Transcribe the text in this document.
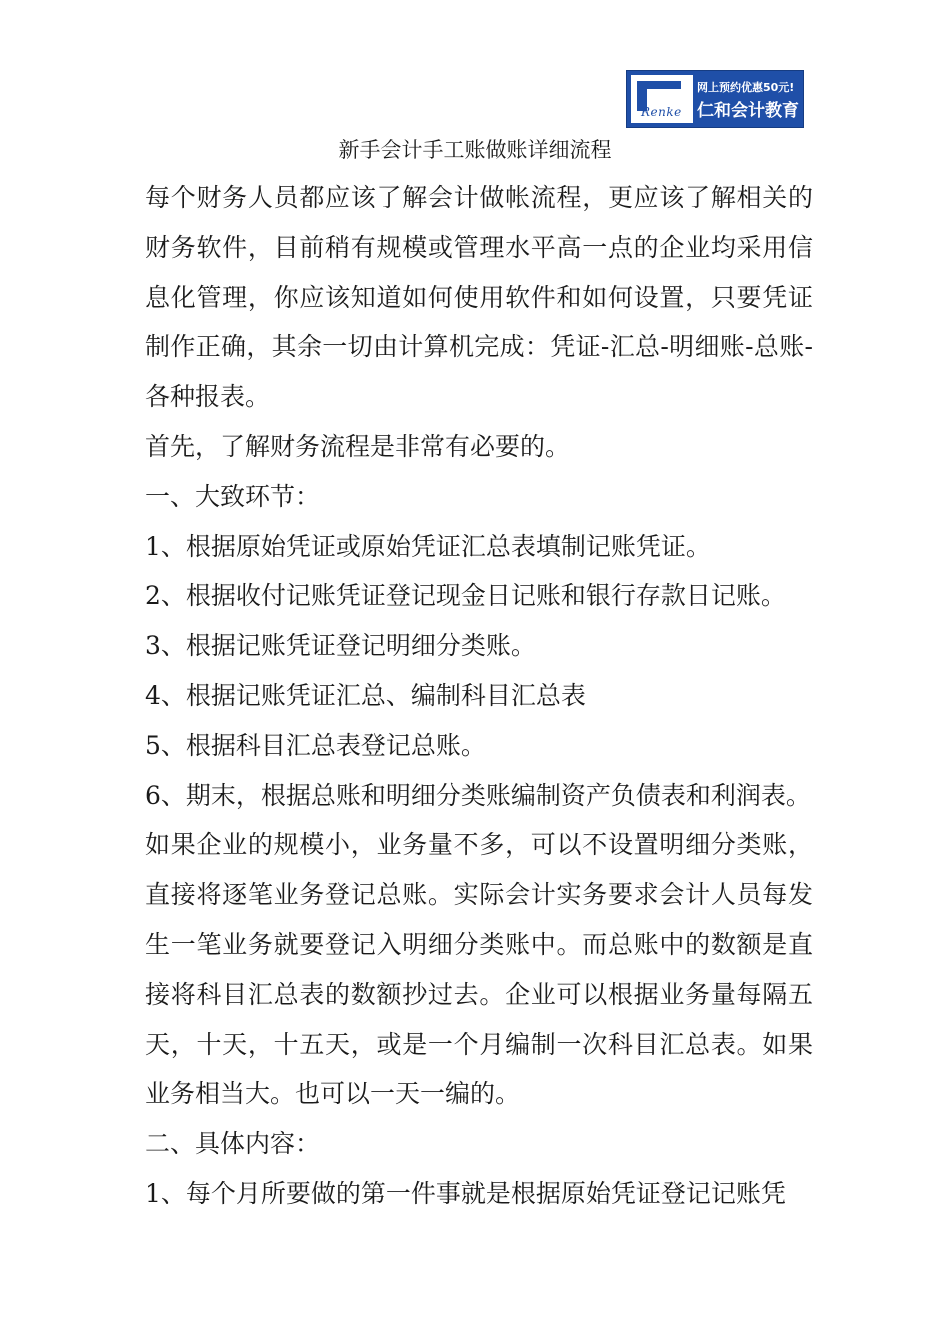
Renke
网上预约优惠50元!
仁和会计教育
新手会计手工账做账详细流程

每个财务人员都应该了解会计做帐流程，更应该了解相关的财务软件，目前稍有规模或管理水平高一点的企业均采用信息化管理，你应该知道如何使用软件和如何设置，只要凭证制作正确，其余一切由计算机完成：凭证-汇总-明细账-总账-各种报表。

首先，了解财务流程是非常有必要的。

一、大致环节：

1、根据原始凭证或原始凭证汇总表填制记账凭证。

2、根据收付记账凭证登记现金日记账和银行存款日记账。

3、根据记账凭证登记明细分类账。

4、根据记账凭证汇总、编制科目汇总表

5、根据科目汇总表登记总账。

6、期末，根据总账和明细分类账编制资产负债表和利润表。

如果企业的规模小，业务量不多，可以不设置明细分类账，直接将逐笔业务登记总账。实际会计实务要求会计人员每发生一笔业务就要登记入明细分类账中。而总账中的数额是直接将科目汇总表的数额抄过去。企业可以根据业务量每隔五天，十天，十五天，或是一个月编制一次科目汇总表。如果业务相当大。也可以一天一编的。

二、具体内容：

1、每个月所要做的第一件事就是根据原始凭证登记记账凭
